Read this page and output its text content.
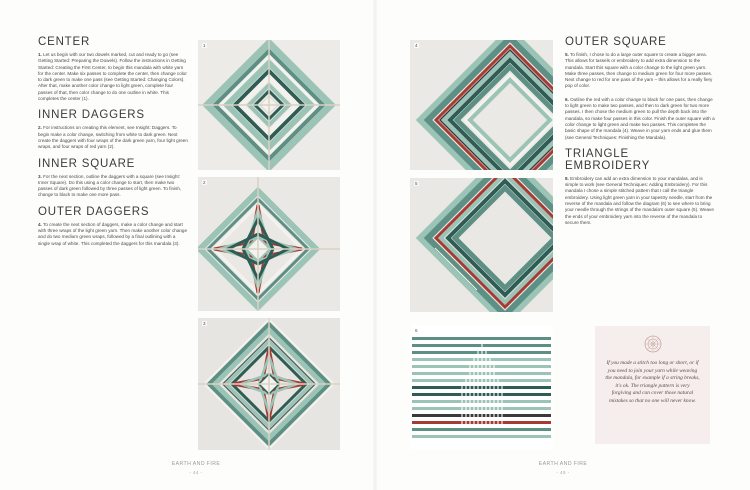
CENTER

1. Let us begin with our two dowels marked, cut and ready to go (see Getting Started: Preparing the Dowels). Follow the instructions in Getting Started: Creating the First Center, to begin this mandala with white yarn for the center. Make six passes to complete the center, then change color to dark green to make one pass (see Getting Started: Changing Colors). After that, make another color change to light green, complete four passes of that, then color change to do one outline in white. This completes the center (1).

INNER DAGGERS

2. For instructions on creating this element, see Insight: Daggers. To begin make a color change, switching from white to dark green. Next create the daggers with four wraps of the dark green yarn, four light green wraps, and four wraps of red yarn (2).

INNER SQUARE

3. For the next section, outline the daggers with a square (see Insight: Inner Square). Do this using a color change to start, then make two passes of dark green followed by three passes of light green. To finish, change to black to make one more pass.

OUTER DAGGERS

4. To create the next section of daggers, make a color change and start with three wraps of the light green yarn. Then make another color change and do two medium green wraps, followed by a final outlining with a single wrap of white. This completed the daggers for this mandala (3).

EARTH AND FIRE
- 44 -
1
2
3
OUTER SQUARE

5. To finish, I chose to do a large outer square to create a bigger area. This allows for tassels or embroidery to add extra dimension to the mandala. Start this square with a color change to the light green yarn. Make three passes, then change to medium green for four more passes. Next change to red for one pass of the yarn – this allows for a really fiery pop of color.

6. Outline the red with a color change to black for one pass, then change to light green to make two passes, and then to dark green for two more passes. I then chose the medium green to pull the depth back into the mandala, so make four passes in this color. Finish the outer square with a color change to light green and make two passes. This completes the basic shape of the mandala (4). Weave in your yarn ends and glue them (see General Techniques: Finishing the Mandala).

TRIANGLE EMBROIDERY

8. Embroidery can add an extra dimension to your mandalas, and is simple to work (see General Techniques: Adding Embroidery). For this mandala I chose a simple stitched pattern that I call the triangle embroidery. Using light green yarn in your tapestry needle, start from the reverse of the mandala and follow the diagram (6) to see where to bring your needle through the strings of the mandala's outer square (5). Weave the ends of your embroidery yarn into the reverse of the mandala to secure them.

EARTH AND FIRE
- 45 -
4
5
6

If you made a stitch too long or short, or if you need to join your yarn while weaving the mandala, for example if a string breaks, it's ok. The triangle pattern is very forgiving and can cover those natural mistakes so that no one will never know.
